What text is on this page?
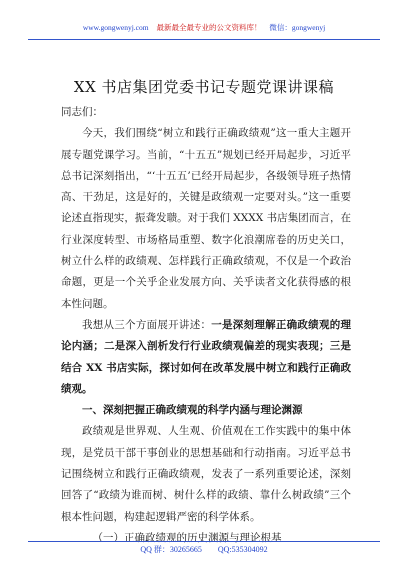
www.gongwenyj.com 最新最全最专业的公文资料库！ 微信：gongwenyj
XX 书店集团党委书记专题党课讲课稿

同志们：

今天，我们围绕“树立和践行正确政绩观”这一重大主题开展专题党课学习。当前，“十五五”规划已经开局起步，习近平总书记深刻指出，“‘十五五’已经开局起步，各级领导班子热情高、干劲足，这是好的，关键是政绩观一定要对头。”这一重要论述直指现实，振聋发聩。对于我们 XXXX 书店集团而言，在行业深度转型、市场格局重塑、数字化浪潮席卷的历史关口，树立什么样的政绩观、怎样践行正确政绩观，不仅是一个政治命题，更是一个关乎企业发展方向、关乎读者文化获得感的根本性问题。

我想从三个方面展开讲述：一是深刻理解正确政绩观的理论内涵；二是深入剖析发行行业政绩观偏差的现实表现；三是结合 XX 书店实际，探讨如何在改革发展中树立和践行正确政绩观。

一、深刻把握正确政绩观的科学内涵与理论渊源

政绩观是世界观、人生观、价值观在工作实践中的集中体现，是党员干部干事创业的思想基础和行动指南。习近平总书记围绕树立和践行正确政绩观，发表了一系列重要论述，深刻回答了“政绩为谁而树、树什么样的政绩、靠什么树政绩”三个根本性问题，构建起逻辑严密的科学体系。

（一）正确政绩观的历史渊源与理论根基

QQ 群：30265665 QQ:535304092
